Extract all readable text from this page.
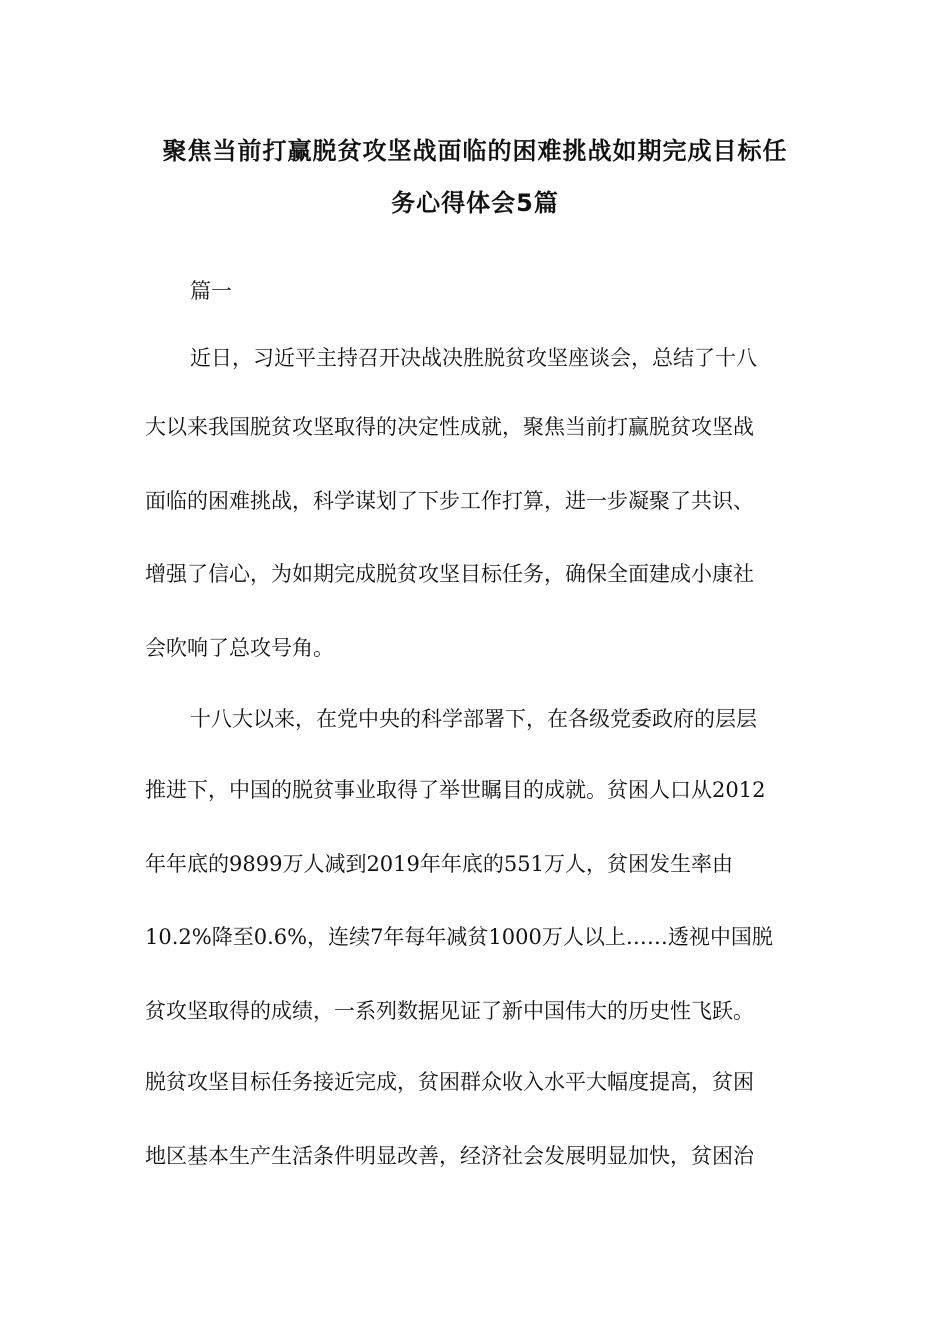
聚焦当前打赢脱贫攻坚战面临的困难挑战如期完成目标任
务心得体会5篇
篇一
近日，习近平主持召开决战决胜脱贫攻坚座谈会，总结了十八
大以来我国脱贫攻坚取得的决定性成就，聚焦当前打赢脱贫攻坚战
面临的困难挑战，科学谋划了下步工作打算，进一步凝聚了共识、
增强了信心，为如期完成脱贫攻坚目标任务，确保全面建成小康社
会吹响了总攻号角。
十八大以来，在党中央的科学部署下，在各级党委政府的层层
推进下，中国的脱贫事业取得了举世瞩目的成就。贫困人口从2012
年年底的9899万人减到2019年年底的551万人，贫困发生率由
10.2%降至0.6%，连续7年每年减贫1000万人以上……透视中国脱
贫攻坚取得的成绩，一系列数据见证了新中国伟大的历史性飞跃。
脱贫攻坚目标任务接近完成，贫困群众收入水平大幅度提高，贫困
地区基本生产生活条件明显改善，经济社会发展明显加快，贫困治
